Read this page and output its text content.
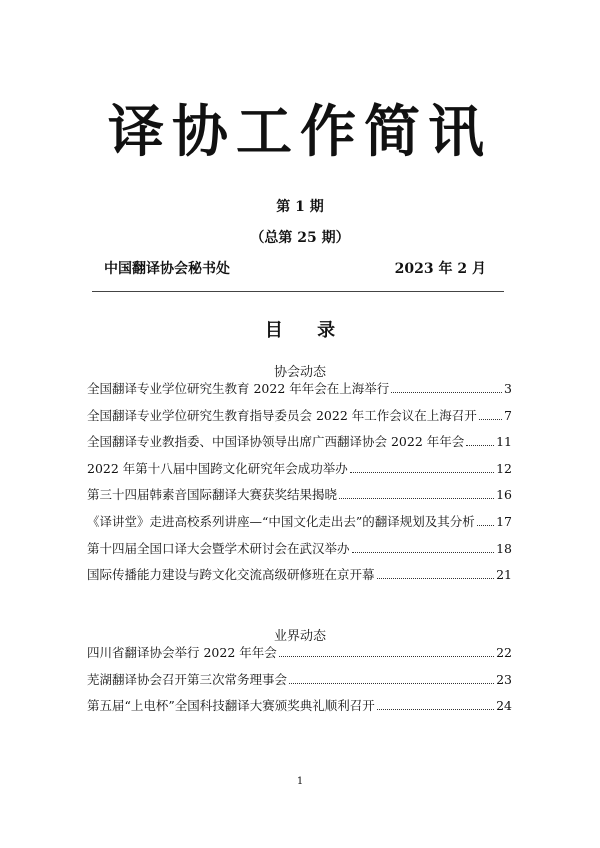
译协工作简讯
第 1 期
（总第 25 期）
中国翻译协会秘书处	2023 年 2 月
目 录
协会动态
全国翻译专业学位研究生教育 2022 年年会在上海举行	3
全国翻译专业学位研究生教育指导委员会 2022 年工作会议在上海召开 7
全国翻译专业教指委、中国译协领导出席广西翻译协会 2022 年年会	11
2022 年第十八届中国跨文化研究年会成功举办	12
第三十四届韩素音国际翻译大赛获奖结果揭晓	16
《译讲堂》走进高校系列讲座—“中国文化走出去”的翻译规划及其分析 17
第十四届全国口译大会暨学术研讨会在武汉举办	18
国际传播能力建设与跨文化交流高级研修班在京开幕	21
业界动态
四川省翻译协会举行 2022 年年会	22
芜湖翻译协会召开第三次常务理事会	23
第五届“上电杯”全国科技翻译大赛颁奖典礼顺利召开	24
1
